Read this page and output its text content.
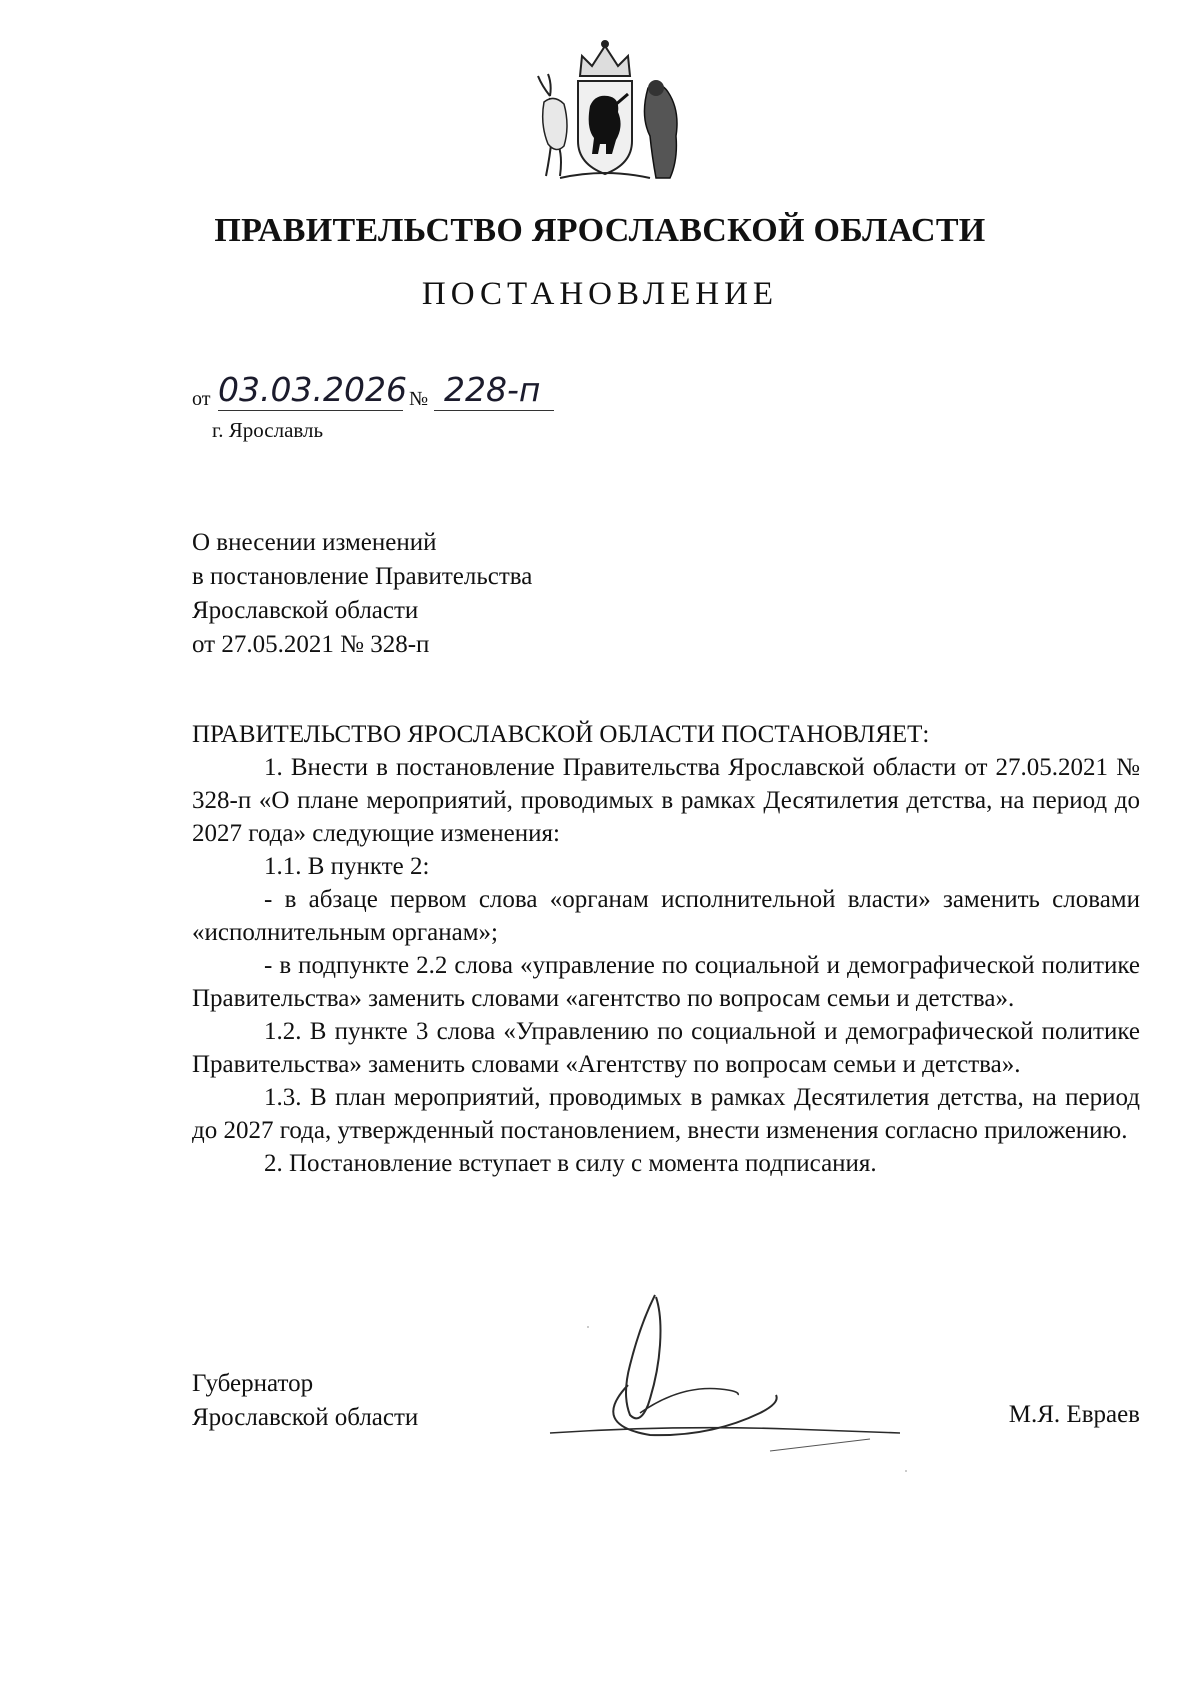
ПРАВИТЕЛЬСТВО ЯРОСЛАВСКОЙ ОБЛАСТИ
ПОСТАНОВЛЕНИЕ
от 03.03.2026 № 228-п
г. Ярославль
О внесении изменений
в постановление Правительства
Ярославской области
от 27.05.2021 № 328-п

ПРАВИТЕЛЬСТВО ЯРОСЛАВСКОЙ ОБЛАСТИ ПОСТАНОВЛЯЕТ:

1. Внести в постановление Правительства Ярославской области от 27.05.2021 № 328-п «О плане мероприятий, проводимых в рамках Десятилетия детства, на период до 2027 года» следующие изменения:

1.1. В пункте 2:

- в абзаце первом слова «органам исполнительной власти» заменить словами «исполнительным органам»;

- в подпункте 2.2 слова «управление по социальной и демографической политике Правительства» заменить словами «агентство по вопросам семьи и детства».

1.2. В пункте 3 слова «Управлению по социальной и демографической политике Правительства» заменить словами «Агентству по вопросам семьи и детства».

1.3. В план мероприятий, проводимых в рамках Десятилетия детства, на период до 2027 года, утвержденный постановлением, внести изменения согласно приложению.

2. Постановление вступает в силу с момента подписания.

Губернатор
Ярославской области	М.Я. Евраев
